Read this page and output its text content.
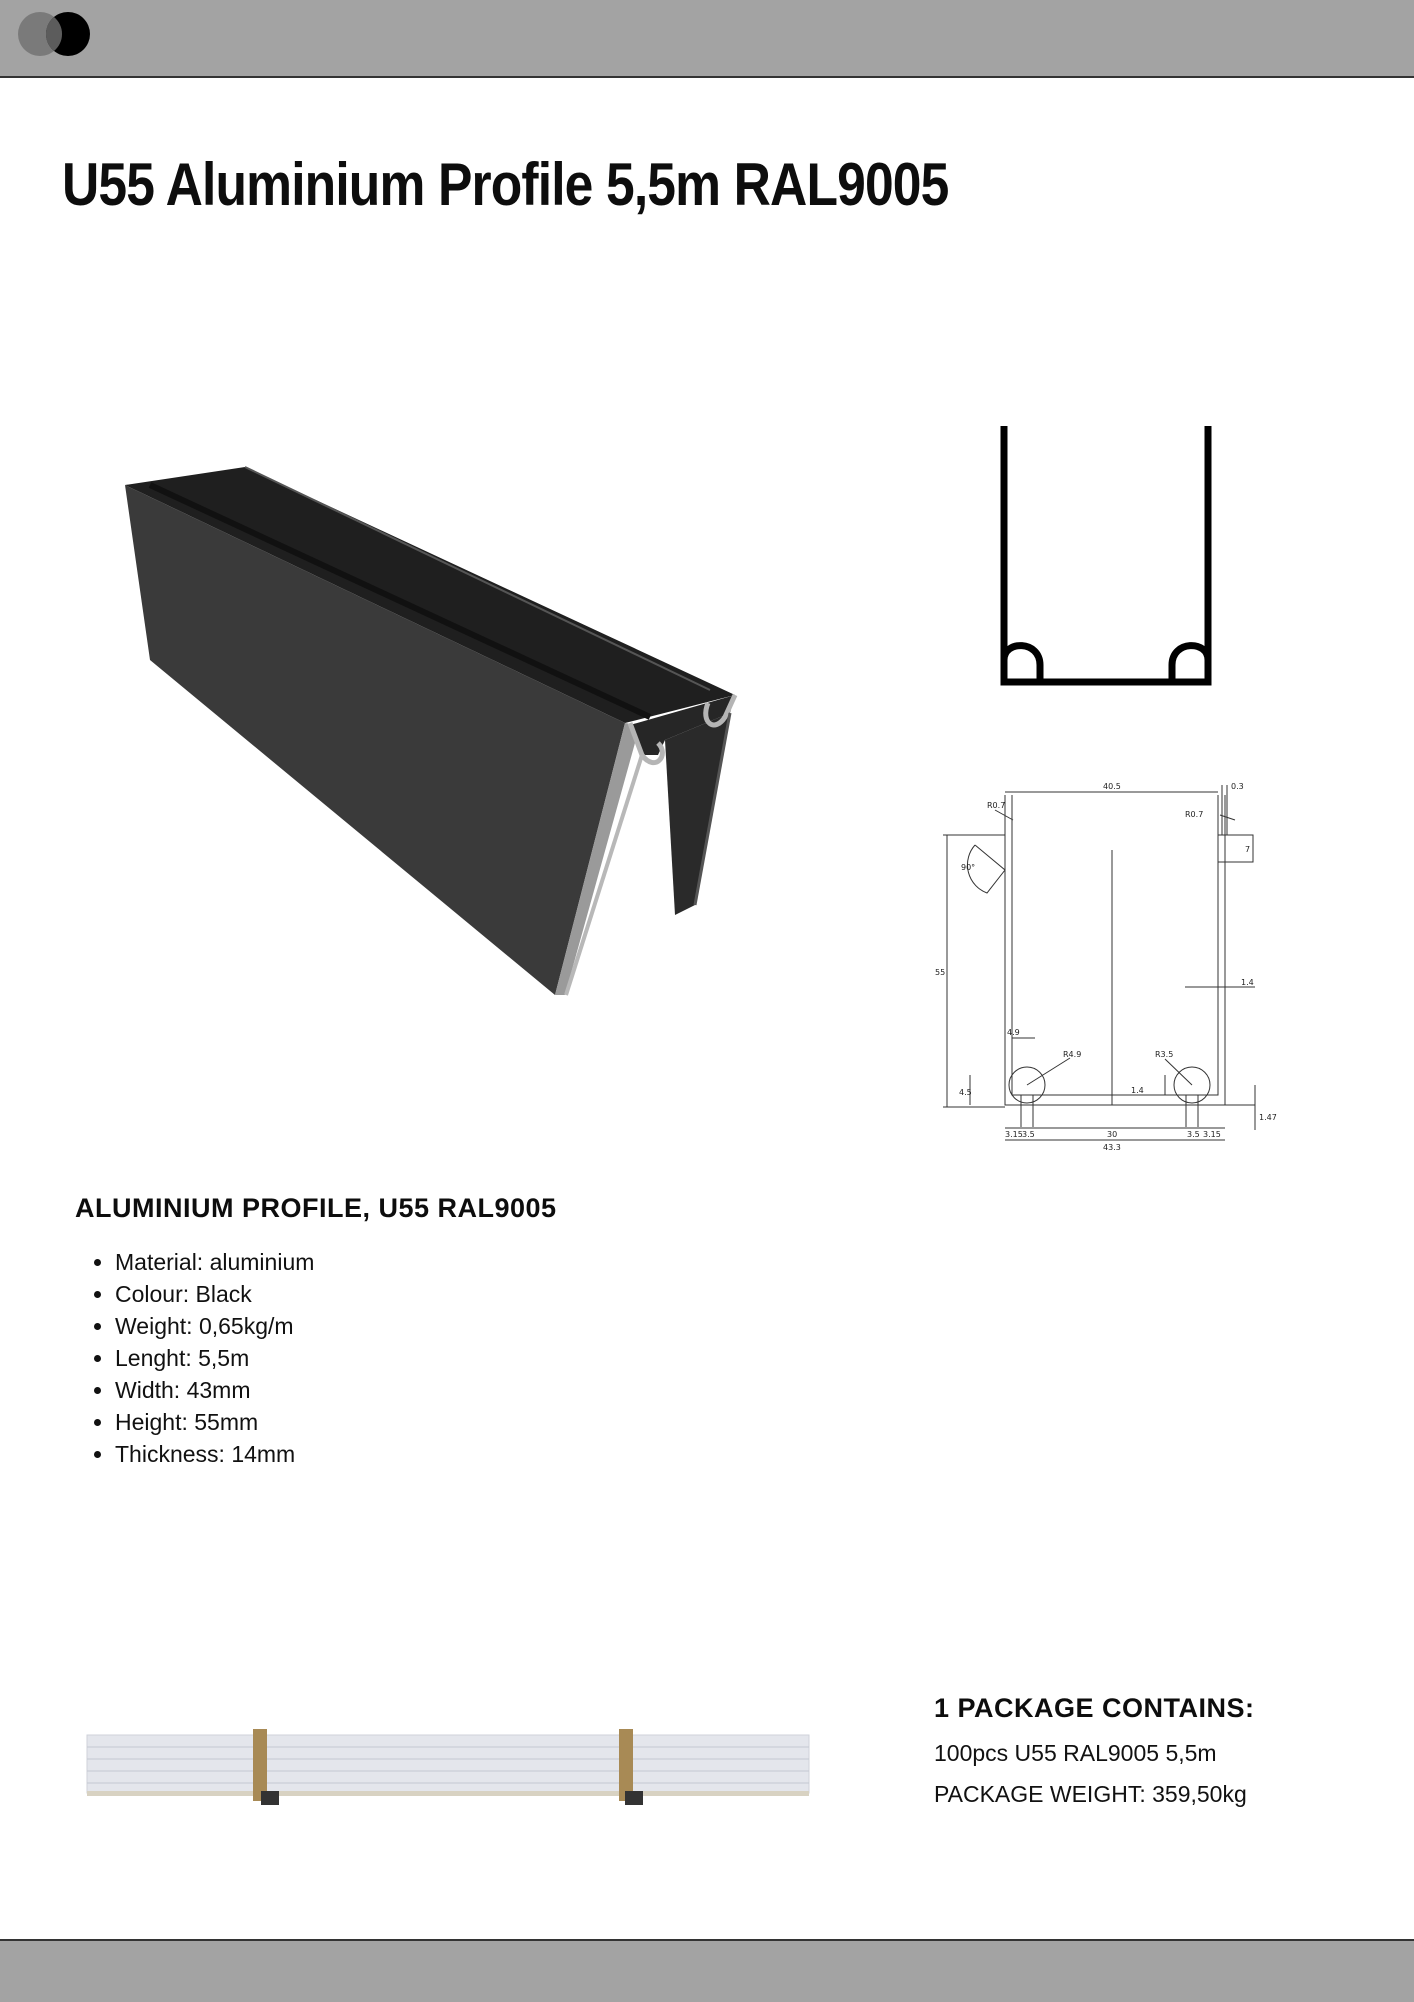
U55 Aluminium Profile 5,5m RAL9005
40.5	0.3
R0.7
R0.7
90°
7
55
1.4
4.9
R4.9	R3.5
4.5	1.4
3.15 3.5	30	3.5 3.15
43.3
1.47
ALUMINIUM PROFILE, U55 RAL9005
• Material: aluminium
• Colour: Black
• Weight: 0,65kg/m
• Lenght: 5,5m
• Width: 43mm
• Height: 55mm
• Thickness: 14mm
1 PACKAGE CONTAINS:
100pcs U55 RAL9005 5,5m
PACKAGE WEIGHT: 359,50kg
